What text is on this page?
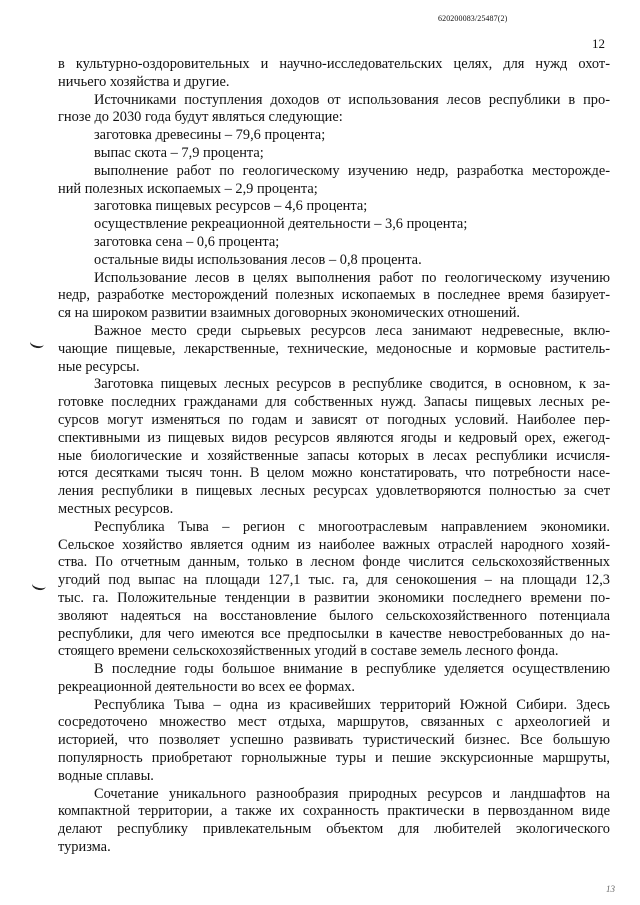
620200083/25487(2)
12

в культурно-оздоровительных и научно-исследовательских целях, для нужд охот-

ничьего хозяйства и другие.

Источниками поступления доходов от использования лесов республики в про-

гнозе до 2030 года будут являться следующие:

заготовка древесины – 79,6 процента;

выпас скота – 7,9 процента;

выполнение работ по геологическому изучению недр, разработка месторожде-

ний полезных ископаемых – 2,9 процента;

заготовка пищевых ресурсов – 4,6 процента;

осуществление рекреационной деятельности – 3,6 процента;

заготовка сена – 0,6 процента;

остальные виды использования лесов – 0,8 процента.

Использование лесов в целях выполнения работ по геологическому изучению

недр, разработке месторождений полезных ископаемых в последнее время базирует-

ся на широком развитии взаимных договорных экономических отношений.

Важное место среди сырьевых ресурсов леса занимают недревесные, вклю-

чающие пищевые, лекарственные, технические, медоносные и кормовые раститель-

ные ресурсы.

Заготовка пищевых лесных ресурсов в республике сводится, в основном, к за-

готовке последних гражданами для собственных нужд. Запасы пищевых лесных ре-

сурсов могут изменяться по годам и зависят от погодных условий. Наиболее пер-

спективными из пищевых видов ресурсов являются ягоды и кедровый орех, ежегод-

ные биологические и хозяйственные запасы которых в лесах республики исчисля-

ются десятками тысяч тонн. В целом можно констатировать, что потребности насе-

ления республики в пищевых лесных ресурсах удовлетворяются полностью за счет

местных ресурсов.

Республика Тыва – регион с многоотраслевым направлением экономики.

Сельское хозяйство является одним из наиболее важных отраслей народного хозяй-

ства. По отчетным данным, только в лесном фонде числится сельскохозяйственных

угодий под выпас на площади 127,1 тыс. га, для сенокошения – на площади 12,3

тыс. га. Положительные тенденции в развитии экономики последнего времени по-

зволяют надеяться на восстановление былого сельскохозяйственного потенциала

республики, для чего имеются все предпосылки в качестве невостребованных до на-

стоящего времени сельскохозяйственных угодий в составе земель лесного фонда.

В последние годы большое внимание в республике уделяется осуществлению

рекреационной деятельности во всех ее формах.

Республика Тыва – одна из красивейших территорий Южной Сибири. Здесь

сосредоточено множество мест отдыха, маршрутов, связанных с археологией и

историей, что позволяет успешно развивать туристический бизнес. Все большую

популярность приобретают горнолыжные туры и пешие экскурсионные маршруты,

водные сплавы.

Сочетание уникального разнообразия природных ресурсов и ландшафтов на

компактной территории, а также их сохранность практически в первозданном виде

делают республику привлекательным объектом для любителей экологического

туризма.

13
